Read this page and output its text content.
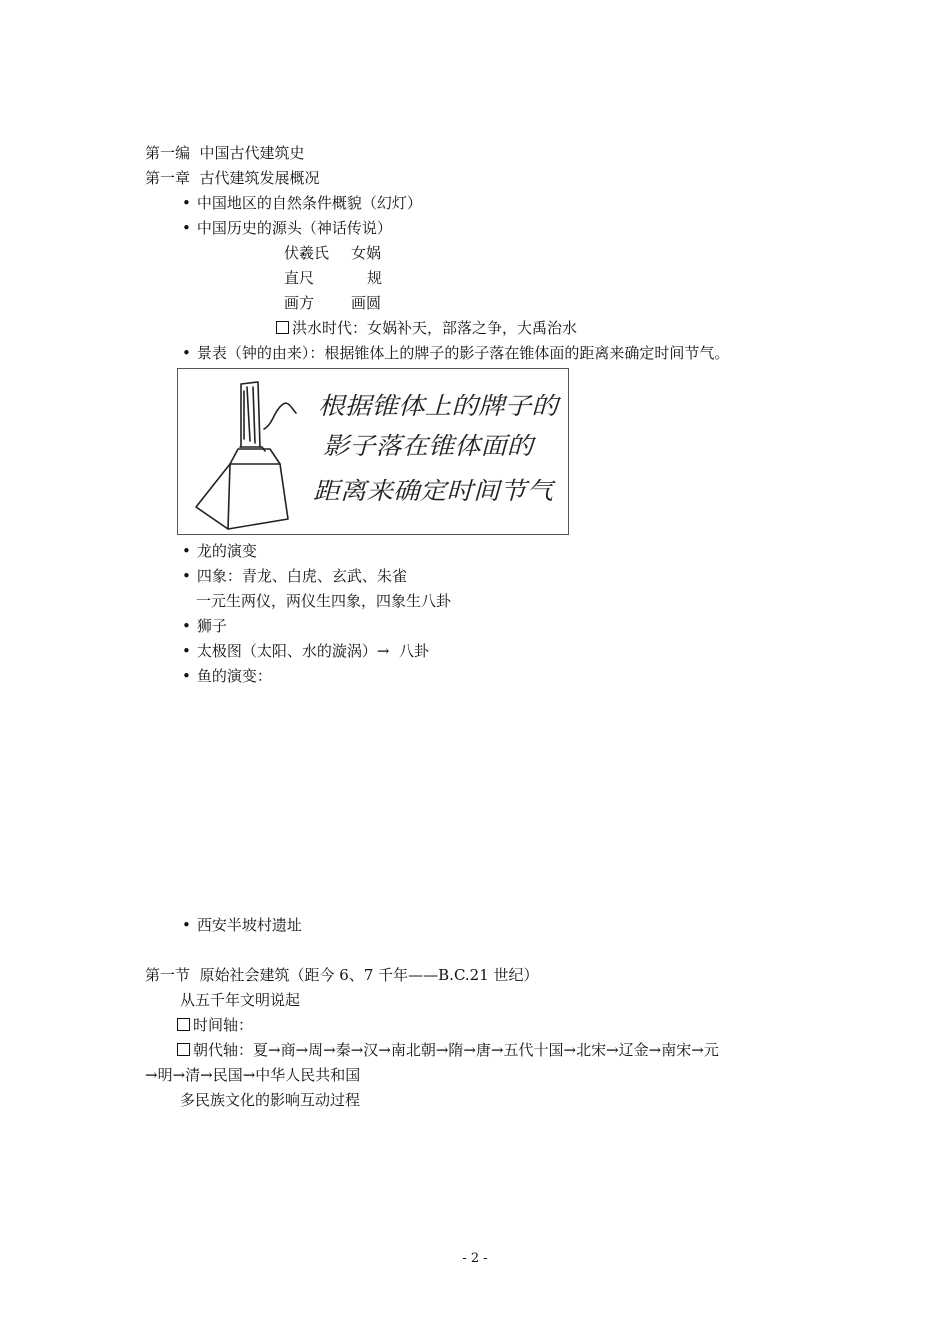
第一编  中国古代建筑史
第一章  古代建筑发展概况
• 中国地区的自然条件概貌（幻灯）
• 中国历史的源头（神话传说）
伏羲氏 女娲
直尺	规
画方 画圆
洪水时代：女娲补天，部落之争，大禹治水
• 景表（钟的由来）：根据锥体上的牌子的影子落在锥体面的距离来确定时间节气。
根据锥体上的牌子的
影子落在锥体面的
距离来确定时间节气
• 龙的演变
• 四象：青龙、白虎、玄武、朱雀
一元生两仪，两仪生四象，四象生八卦
• 狮子
• 太极图（太阳、水的漩涡）→  八卦
• 鱼的演变：
• 西安半坡村遗址
第一节  原始社会建筑（距今 6、7 千年——B.C.21 世纪）
从五千年文明说起
时间轴：
朝代轴：夏→商→周→秦→汉→南北朝→隋→唐→五代十国→北宋→辽金→南宋→元
→明→清→民国→中华人民共和国
多民族文化的影响互动过程
- 2 -
